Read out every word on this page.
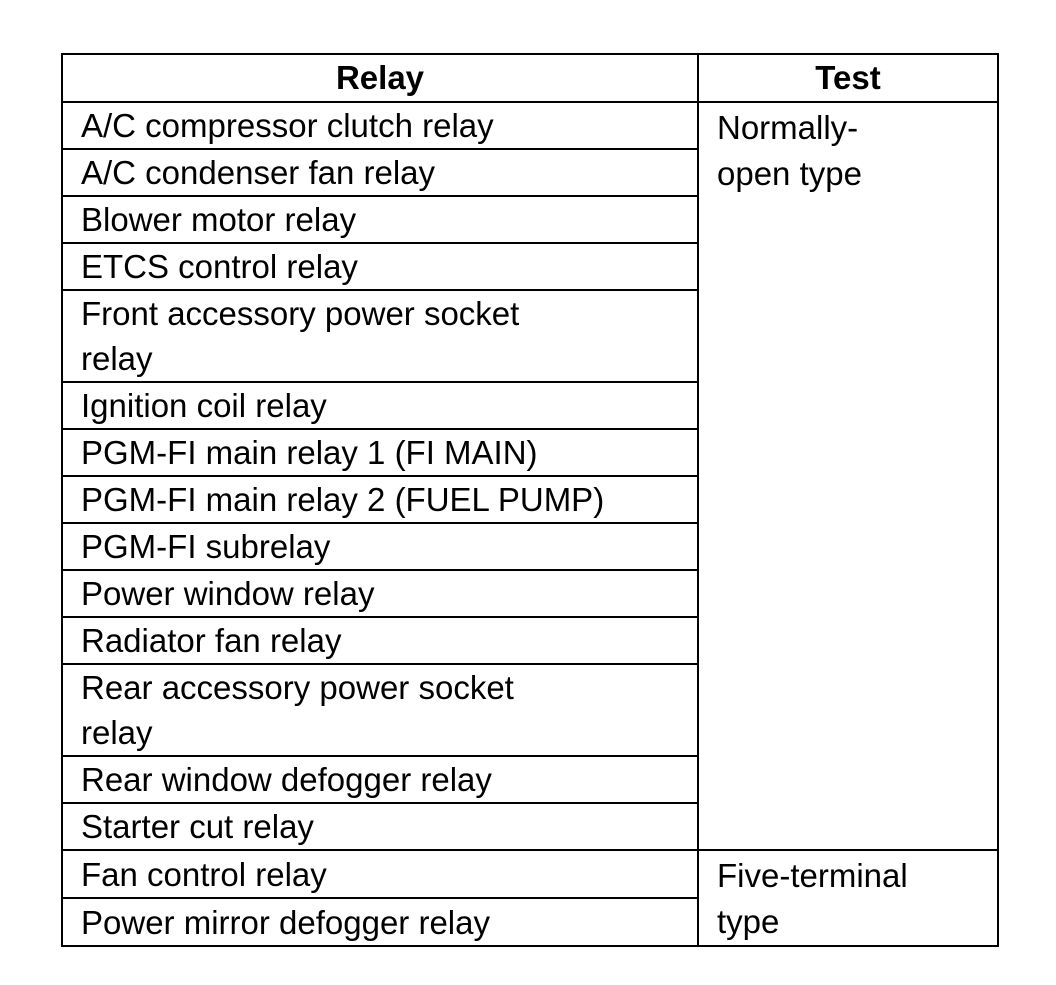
Relay	Test
A/C compressor clutch relay	Normally-
open type

A/C condenser fan relay	
Blower motor relay	
ETCS control relay	

Front accessory power socket
relay	

Ignition coil relay	
PGM-FI main relay 1 (FI MAIN)	
PGM-FI main relay 2 (FUEL PUMP)	
PGM-FI subrelay	
Power window relay	
Radiator fan relay	

Rear accessory power socket
relay	

Rear window defogger relay	
Starter cut relay	
Fan control relay	Five-terminal
type

Power mirror defogger relay	
